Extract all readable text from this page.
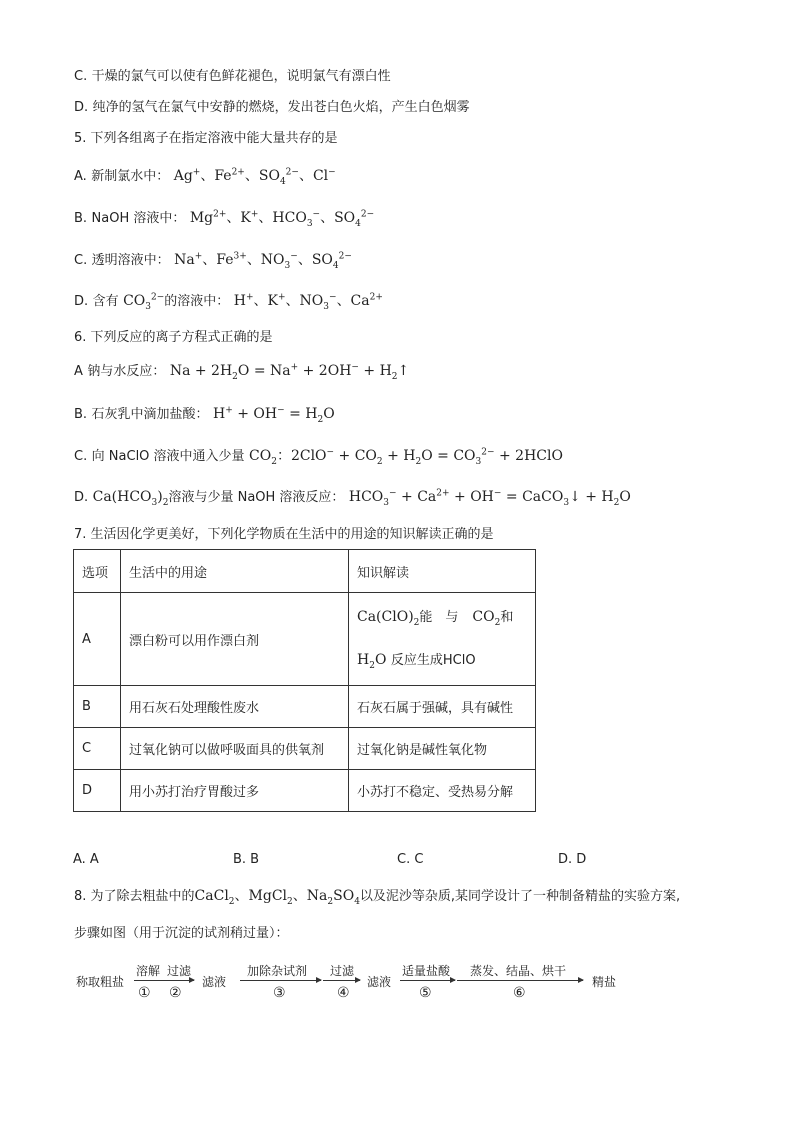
C. 干燥的氯气可以使有色鲜花褪色，说明氯气有漂白性
D. 纯净的氢气在氯气中安静的燃烧，发出苍白色火焰，产生白色烟雾
5. 下列各组离子在指定溶液中能大量共存的是
A. 新制氯水中： Ag+、$Fe^{2+}$、$SO_4^{2-}$、Cl−
B. NaOH 溶液中： $Mg^{2+}$、K+、$HCO_3^-$、$SO_4^{2-}$
C. 透明溶液中： Na+、$Fe^{3+}$、$NO_3^-$、$SO_4^{2-}$
D. 含有 $CO_3^{2-}$的溶液中： H+、K+、$NO_3^-$、$Ca^{2+}$
6. 下列反应的离子方程式正确的是
A 钠与水反应： $Na + 2H_2O = Na^+ + 2OH^-$ + $H_2↑$
B. 石灰乳中滴加盐酸： $H^+ + OH^- = H_2O$
C. 向 NaClO 溶液中通入少量 $CO_2$：$2ClO^- + CO_2 + H_2O = CO_3^{2-}$ + 2HClO
D. $Ca(HCO_3)_2$溶液与少量 NaOH 溶液反应： $HCO_3^- + Ca^{2+} + OH^-$ = CaCO$_3$↓ + $H_2O$
7. 生活因化学更美好，下列化学物质在生活中的用途的知识解读正确的是
选项	生活中的用途	知识解读
A	漂白粉可以用作漂白剂	$Ca(ClO)_2$能　与　$CO_2$和
$H_2O$ 反应生成HClO

B	用石灰石处理酸性废水	石灰石属于强碱，具有碱性
C	过氧化钠可以做呼吸面具的供氧剂	过氧化钠是碱性氧化物
D	用小苏打治疗胃酸过多	小苏打不稳定、受热易分解
A. A	B. B	C. C	D. D
8. 为了除去粗盐中的CaCl$_2$、MgCl$_2$、$Na_2SO_4$以及泥沙等杂质,某同学设计了一种制备精盐的实验方案,
步骤如图（用于沉淀的试剂稍过量）：
称取粗盐
溶解 过滤
① ②
滤液
加除杂试剂
③
过滤
④
滤液
适量盐酸
⑤
蒸发、结晶、烘干
⑥
精盐
